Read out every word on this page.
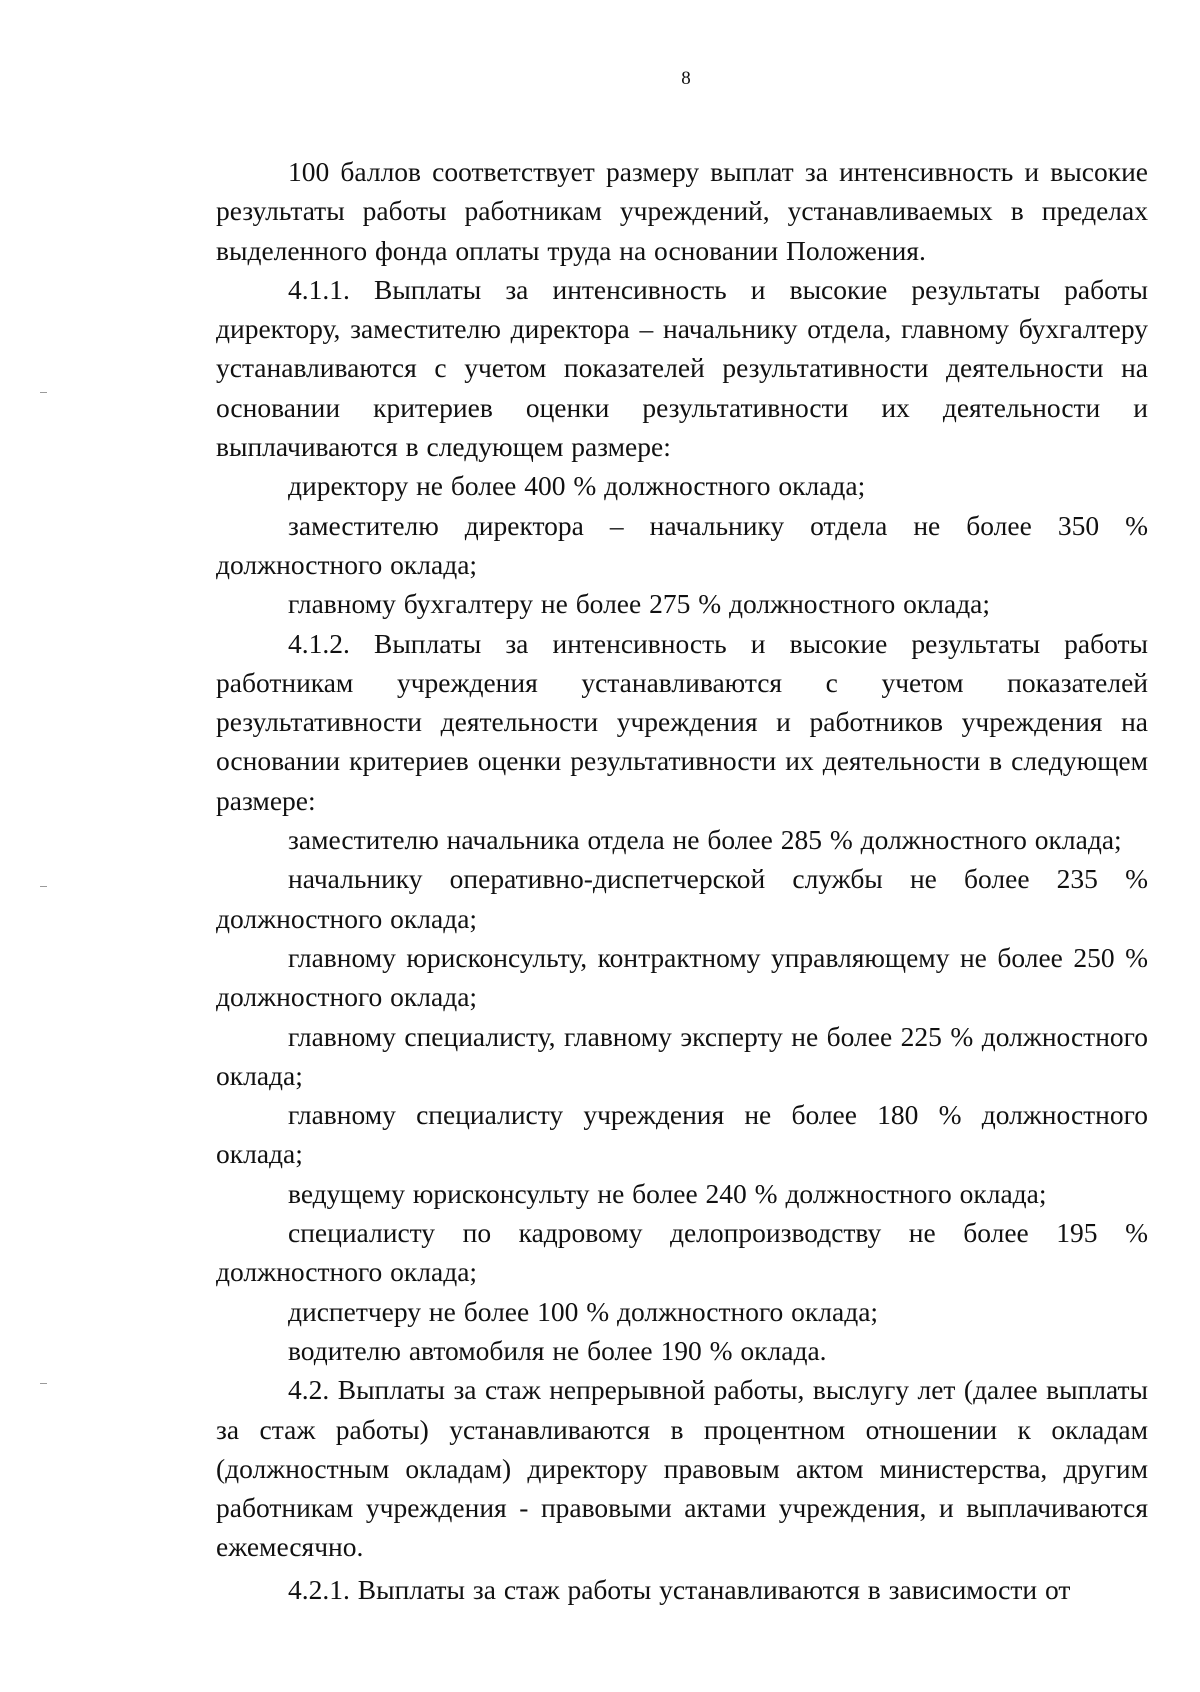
8

100 баллов соответствует размеру выплат за интенсивность и высокие результаты работы работникам учреждений, устанавливаемых в пределах выделенного фонда оплаты труда на основании Положения.

4.1.1. Выплаты за интенсивность и высокие результаты работы директору, заместителю директора – начальнику отдела, главному бухгалтеру устанавливаются с учетом показателей результативности деятельности на основании критериев оценки результативности их деятельности и выплачиваются в следующем размере:

директору не более 400 % должностного оклада;

заместителю директора – начальнику отдела не более 350 % должностного оклада;

главному бухгалтеру не более 275 % должностного оклада;

4.1.2. Выплаты за интенсивность и высокие результаты работы работникам учреждения устанавливаются с учетом показателей результативности деятельности учреждения и работников учреждения на основании критериев оценки результативности их деятельности в следующем размере:

заместителю начальника отдела не более 285 % должностного оклада;

начальнику оперативно-диспетчерской службы не более 235 % должностного оклада;

главному юрисконсульту, контрактному управляющему не более 250 % должностного оклада;

главному специалисту, главному эксперту не более 225 % должностного оклада;

главному специалисту учреждения не более 180 % должностного оклада;

ведущему юрисконсульту не более 240 % должностного оклада;

специалисту по кадровому делопроизводству не более 195 % должностного оклада;

диспетчеру не более 100 % должностного оклада;

водителю автомобиля не более 190 % оклада.

4.2. Выплаты за стаж непрерывной работы, выслугу лет (далее выплаты за стаж работы) устанавливаются в процентном отношении к окладам (должностным окладам) директору правовым актом министерства, другим работникам учреждения - правовыми актами учреждения, и выплачиваются ежемесячно.

4.2.1. Выплаты за стаж работы устанавливаются в зависимости от
